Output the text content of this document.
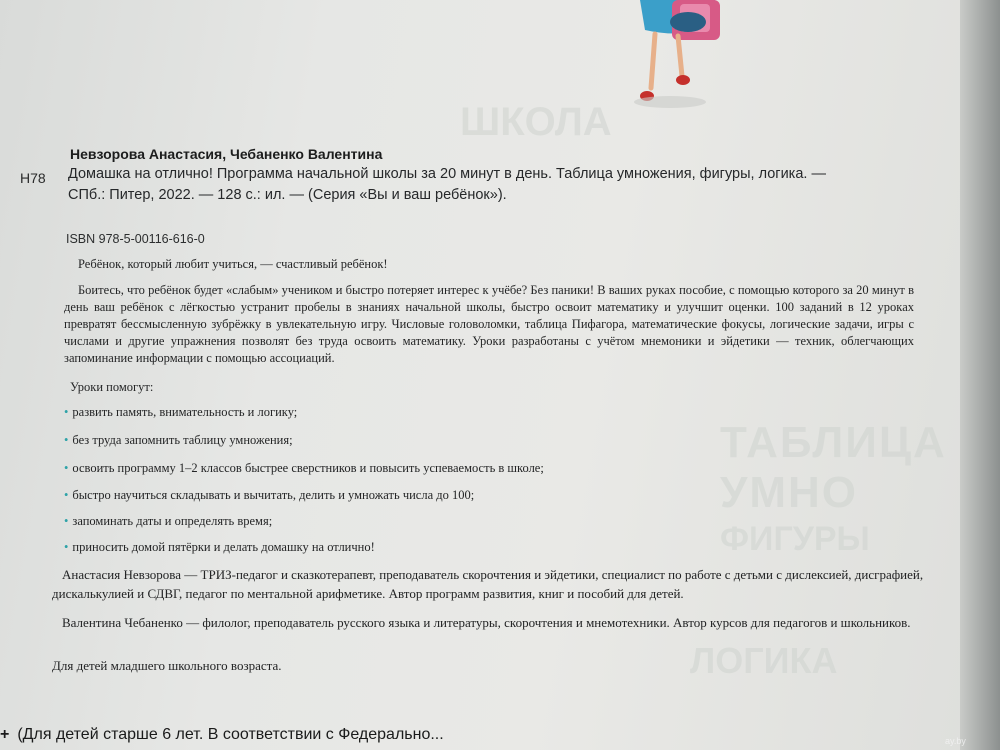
ТАБЛИЦА УМНО
ШКОЛА
ФИГУРЫ
ЛОГИКА
Невзорова Анастасия, Чебаненко Валентина
Н78 Домашка на отлично! Программа начальной школы за 20 минут в день. Таблица умножения, фигуры, логика. — СПб.: Питер, 2022. — 128 с.: ил. — (Серия «Вы и ваш ребёнок»).
ISBN 978-5-00116-616-0
Ребёнок, который любит учиться, — счастливый ребёнок!
Боитесь, что ребёнок будет «слабым» учеником и быстро потеряет интерес к учёбе? Без паники! В ваших руках пособие, с помощью которого за 20 минут в день ваш ребёнок с лёгкостью устранит пробелы в знаниях начальной школы, быстро освоит математику и улучшит оценки. 100 заданий в 12 уроках превратят бессмысленную зубрёжку в увлекательную игру. Числовые головоломки, таблица Пифагора, математические фокусы, логические задачи, игры с числами и другие упражнения позволят без труда освоить математику. Уроки разработаны с учётом мнемоники и эйдетики — техник, облегчающих запоминание информации с помощью ассоциаций.
Уроки помогут:
• развить память, внимательность и логику;
• без труда запомнить таблицу умножения;
• освоить программу 1–2 классов быстрее сверстников и повысить успеваемость в школе;
• быстро научиться складывать и вычитать, делить и умножать числа до 100;
• запоминать даты и определять время;
• приносить домой пятёрки и делать домашку на отлично!
Анастасия Невзорова — ТРИЗ-педагог и сказкотерапевт, преподаватель скорочтения и эйдетики, специалист по работе с детьми с дислексией, дисграфией, дискалькулией и СДВГ, педагог по ментальной арифметике. Автор программ развития, книг и пособий для детей.
Валентина Чебаненко — филолог, преподаватель русского языка и литературы, скорочтения и мнемотехники. Автор курсов для педагогов и школьников.
Для детей младшего школьного возраста.
+ (Для детей старше 6 лет. В соответствии с Федерально...	ay.by
